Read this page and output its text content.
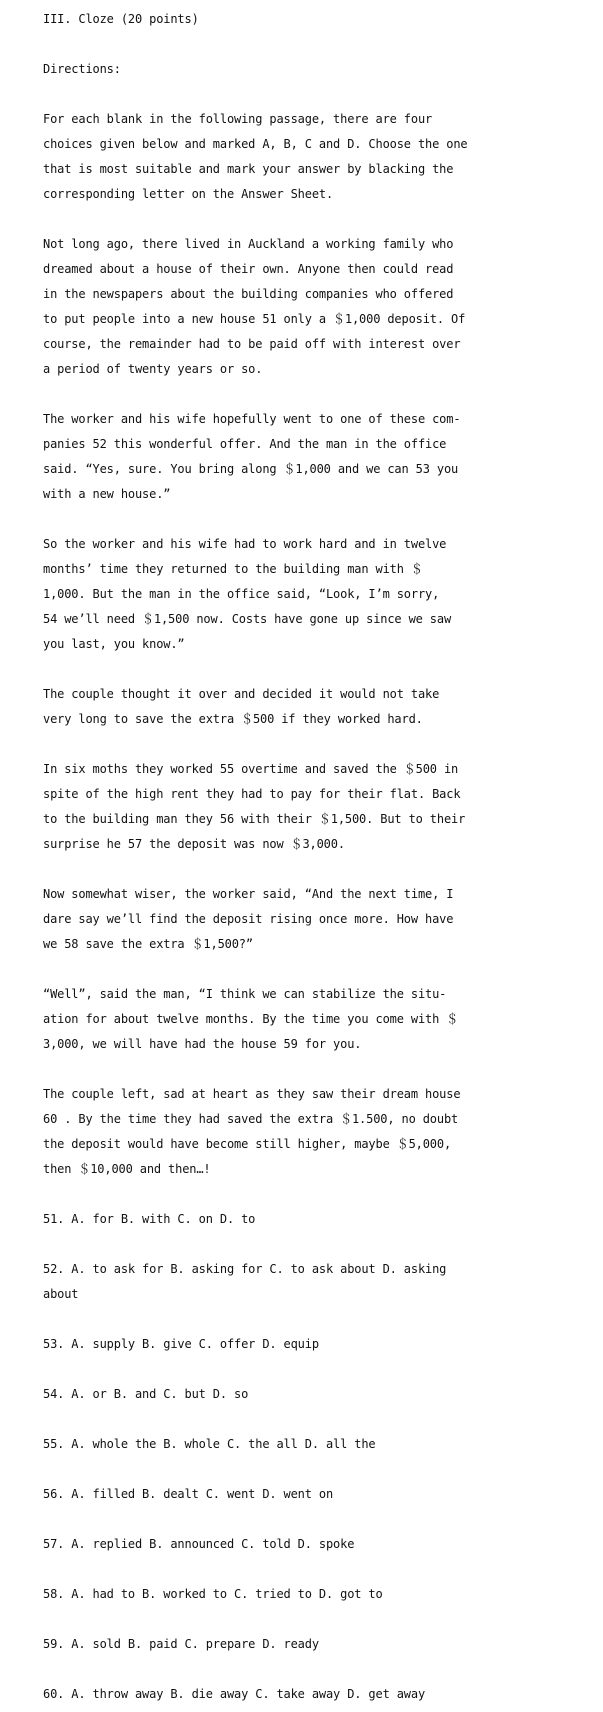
III. Cloze (20 points)

Directions:

For each blank in the following passage, there are four

choices given below and marked A, B, C and D. Choose the one

that is most suitable and mark your answer by blacking the

corresponding letter on the Answer Sheet.

Not long ago, there lived in Auckland a working family who

dreamed about a house of their own. Anyone then could read

in the newspapers about the building companies who offered

to put people into a new house 51 only a ＄1,000 deposit. Of

course, the remainder had to be paid off with interest over

a period of twenty years or so.

The worker and his wife hopefully went to one of these com-

panies 52 this wonderful offer. And the man in the office

said. “Yes, sure. You bring along ＄1,000 and we can 53 you

with a new house.”

So the worker and his wife had to work hard and in twelve

months’ time they returned to the building man with ＄

1,000. But the man in the office said, “Look, I’m sorry,

54 we’ll need ＄1,500 now. Costs have gone up since we saw

you last, you know.”

The couple thought it over and decided it would not take

very long to save the extra ＄500 if they worked hard.

In six moths they worked 55 overtime and saved the ＄500 in

spite of the high rent they had to pay for their flat. Back

to the building man they 56 with their ＄1,500. But to their

surprise he 57 the deposit was now ＄3,000.

Now somewhat wiser, the worker said, “And the next time, I

dare say we’ll find the deposit rising once more. How have

we 58 save the extra ＄1,500?”

“Well”, said the man, “I think we can stabilize the situ-

ation for about twelve months. By the time you come with ＄

3,000, we will have had the house 59 for you.

The couple left, sad at heart as they saw their dream house

60 . By the time they had saved the extra ＄1.500, no doubt

the deposit would have become still higher, maybe ＄5,000,

then ＄10,000 and then…!

51. A. for B. with C. on D. to

52. A. to ask for B. asking for C. to ask about D. asking

about

53. A. supply B. give C. offer D. equip

54. A. or B. and C. but D. so

55. A. whole the B. whole C. the all D. all the

56. A. filled B. dealt C. went D. went on

57. A. replied B. announced C. told D. spoke

58. A. had to B. worked to C. tried to D. got to

59. A. sold B. paid C. prepare D. ready

60. A. throw away B. die away C. take away D. get away
